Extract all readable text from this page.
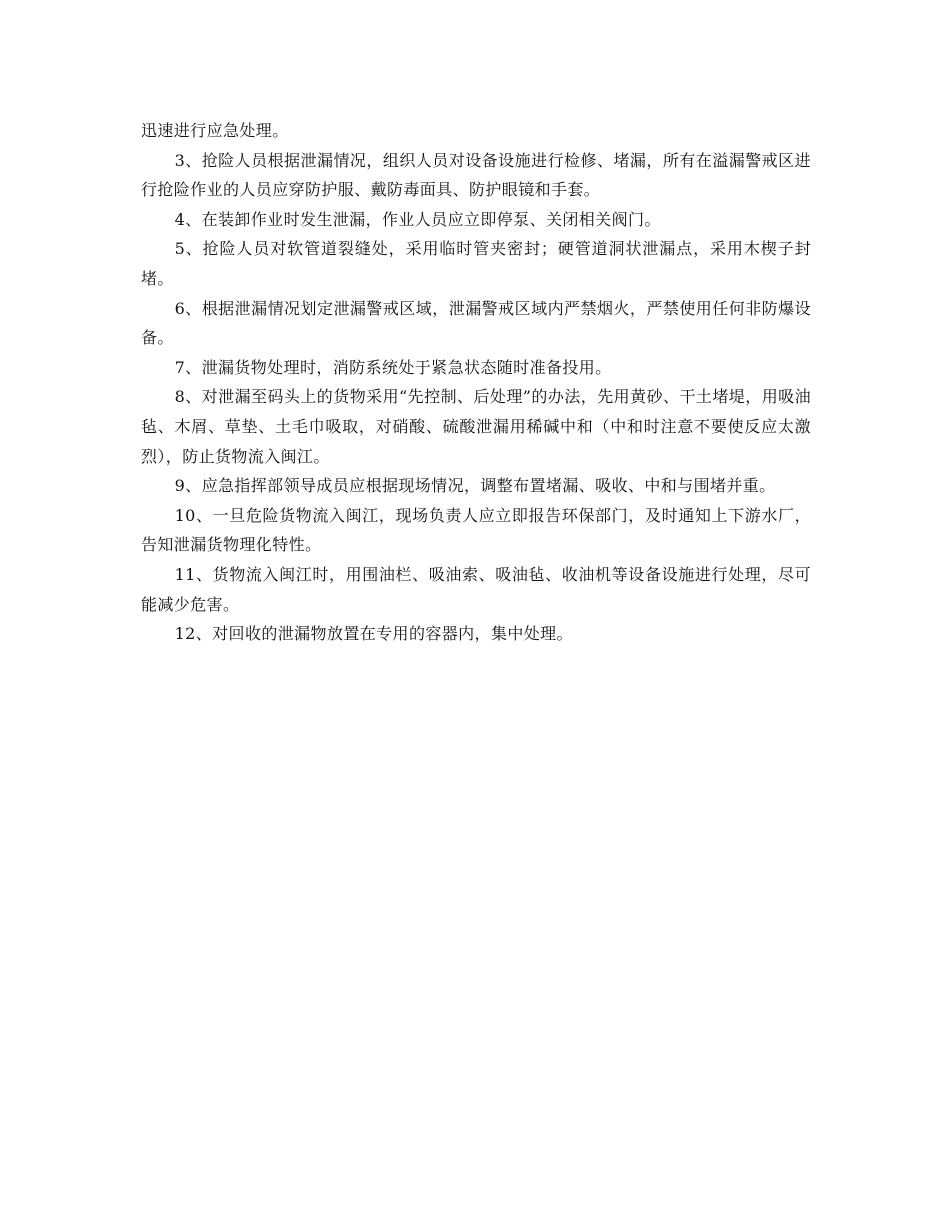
迅速进行应急处理。

3、抢险人员根据泄漏情况，组织人员对设备设施进行检修、堵漏，所有在溢漏警戒区进行抢险作业的人员应穿防护服、戴防毒面具、防护眼镜和手套。

4、在装卸作业时发生泄漏，作业人员应立即停泵、关闭相关阀门。

5、抢险人员对软管道裂缝处，采用临时管夹密封；硬管道洞状泄漏点，采用木楔子封堵。

6、根据泄漏情况划定泄漏警戒区域，泄漏警戒区域内严禁烟火，严禁使用任何非防爆设备。

7、泄漏货物处理时，消防系统处于紧急状态随时准备投用。

8、对泄漏至码头上的货物采用“先控制、后处理”的办法，先用黄砂、干土堵堤，用吸油毡、木屑、草垫、土毛巾吸取，对硝酸、硫酸泄漏用稀碱中和（中和时注意不要使反应太激烈），防止货物流入闽江。

9、应急指挥部领导成员应根据现场情况，调整布置堵漏、吸收、中和与围堵并重。

10、一旦危险货物流入闽江，现场负责人应立即报告环保部门，及时通知上下游水厂，告知泄漏货物理化特性。

11、货物流入闽江时，用围油栏、吸油索、吸油毡、收油机等设备设施进行处理，尽可能减少危害。

12、对回收的泄漏物放置在专用的容器内，集中处理。
